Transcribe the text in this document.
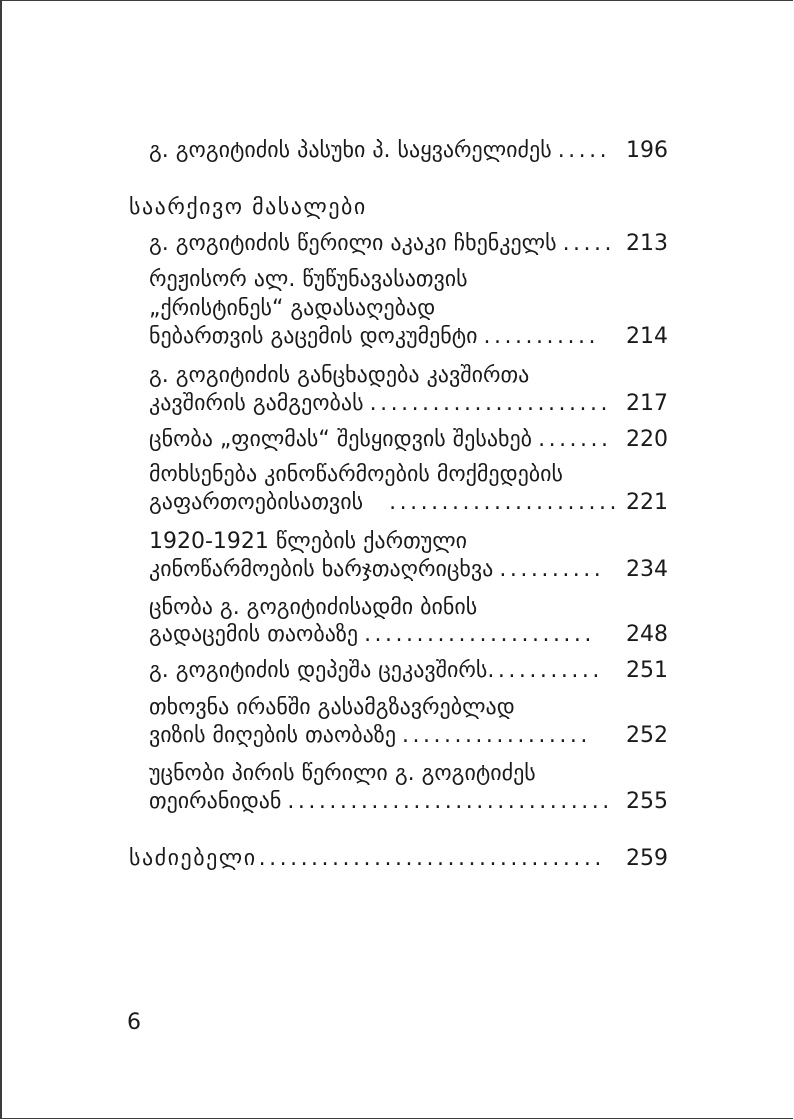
გ. გოგიტიძის პასუხი პ. საყვარელიძეს ..... 196
საარქივო მასალები
გ. გოგიტიძის წერილი აკაკი ჩხენკელს ..... 213
რეჟისორ ალ. წუწუნავასათვის
„ქრისტინეს“ გადასაღებად
ნებართვის გაცემის დოკუმენტი ...........	214
გ. გოგიტიძის განცხადება კავშირთა
კავშირის გამგეობას ....................... 217
ცნობა „ფილმას“ შესყიდვის შესახებ ....... 220
მოხსენება კინოწარმოების მოქმედების
გაფართოებისათვის ...................... 221
1920-1921 წლების ქართული
კინოწარმოების ხარჯთაღრიცხვა .......... 234
ცნობა გ. გოგიტიძისადმი ბინის
გადაცემის თაობაზე ......................	248
გ. გოგიტიძის დეპეშა ცეკავშირს ...........	251
თხოვნა ირანში გასამგზავრებლად
ვიზის მიღების თაობაზე ..................	252
უცნობი პირის წერილი გ. გოგიტიძეს
თეირანიდან ............................... 255
საძიებელი ................................. 259
6
